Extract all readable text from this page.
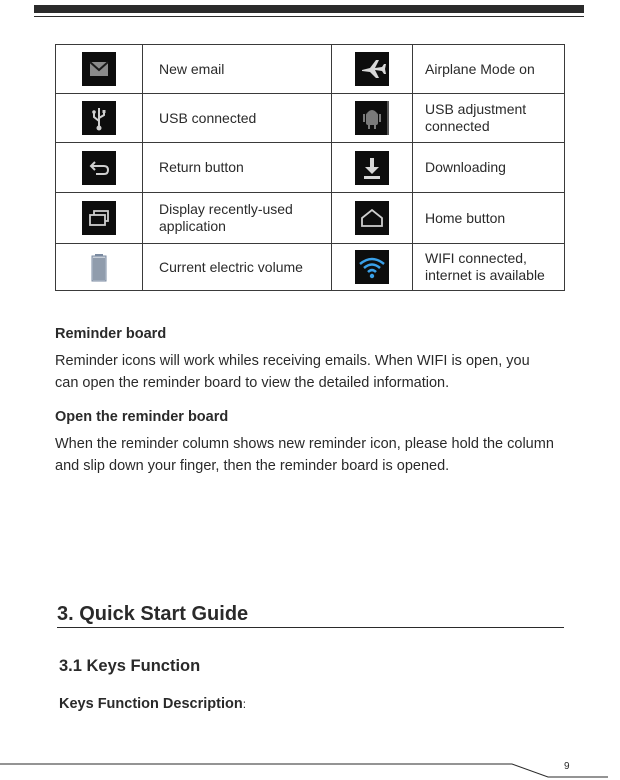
	New email		Airplane Mode on

	USB connected		USB adjustment connected

	Return button		Downloading

	Display recently-used application		Home button

	Current electric volume		WIFI connected, internet is available
Reminder board
Reminder icons will work whiles receiving emails. When WIFI is open, you can open the reminder board to view the detailed information.
Open the reminder board
When the reminder column shows new reminder icon, please hold the column and slip down your finger, then the reminder board is opened.
3. Quick Start Guide
3.1 Keys Function
Keys Function Description:
9
